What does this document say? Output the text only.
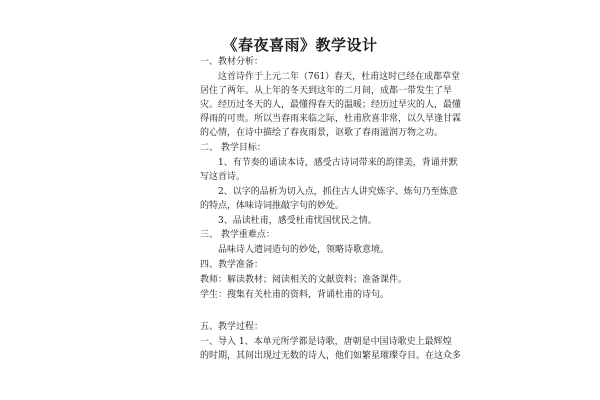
《春夜喜雨》教学设计
一、教材分析：
这首诗作于上元二年（761）春天，杜甫这时已经在成都草堂
居住了两年。从上年的冬天到这年的二月间，成都一带发生了旱
灾。经历过冬天的人，最懂得春天的温暖；经历过旱灾的人，最懂
得雨的可贵。所以当春雨来临之际，杜甫欣喜非常，以久旱逢甘霖
的心情，在诗中描绘了春夜雨景，讴歌了春雨滋润万物之功。
二、 教学目标：
1、有节奏的诵读本诗，感受古诗词带来的韵律美，背诵并默
写这首诗。
2、以字的品析为切入点，抓住古人讲究炼字、炼句乃至炼意
的特点，体味诗词推敲字句的妙处。
3、品读杜甫，感受杜甫忧国忧民之情。
三、 教学重难点：
品味诗人遣词造句的妙处，领略诗歌意境。
四、教学准备：
教师：解读教材；阅读相关的文献资料；准备课件。
学生：搜集有关杜甫的资料，背诵杜甫的诗句。
五、教学过程：
一、导入 1、本单元所学都是诗歌，唐朝是中国诗歌史上最辉煌
的时期，其间出现过无数的诗人，他们如繁星璀璨夺目。在这众多
